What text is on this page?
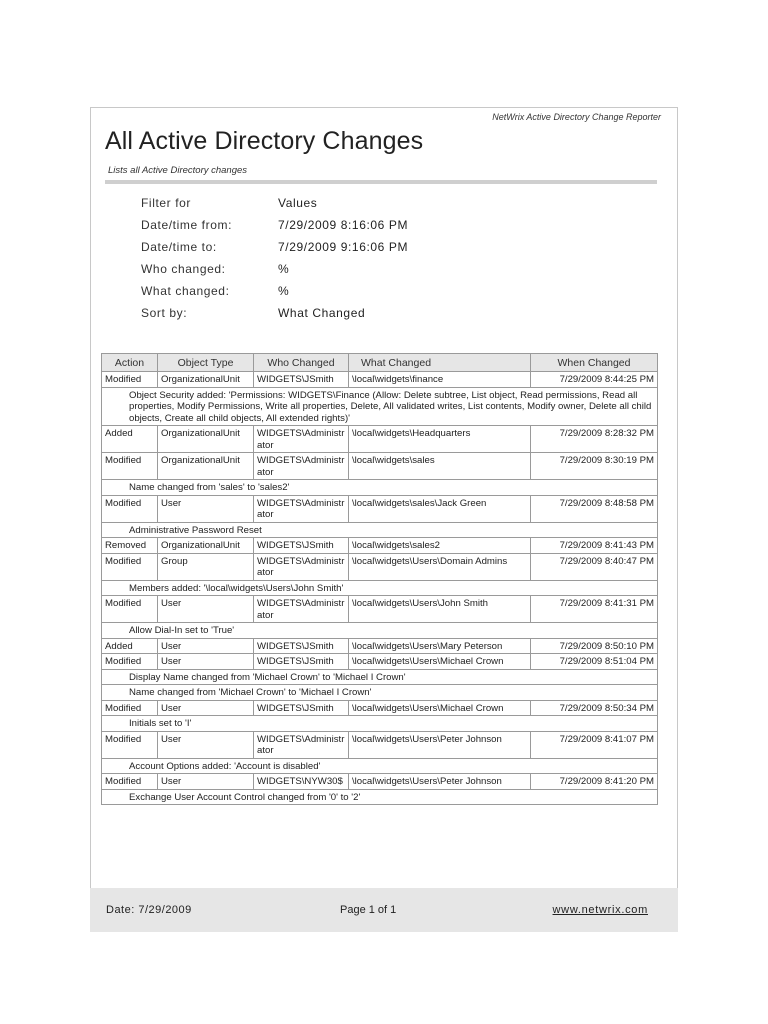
NetWrix Active Directory Change Reporter
All Active Directory Changes
Lists all Active Directory changes
Filter for	Values
Date/time from:	7/29/2009 8:16:06 PM
Date/time to:	7/29/2009 9:16:06 PM
Who changed:	%
What changed:	%
Sort by:	What Changed
Action	Object Type	Who Changed	What Changed	When Changed
Modified	OrganizationalUnit	WIDGETS\JSmith	\local\widgets\finance	7/29/2009 8:44:25 PM
Object Security added: 'Permissions: WIDGETS\Finance (Allow: Delete subtree, List object, Read permissions, Read all properties, Modify Permissions, Write all properties, Delete, All validated writes, List contents, Modify owner, Delete all child objects, Create all child objects, All extended rights)'				
Added	OrganizationalUnit	WIDGETS\Administrator	\local\widgets\Headquarters	7/29/2009 8:28:32 PM
Modified	OrganizationalUnit	WIDGETS\Administrator	\local\widgets\sales	7/29/2009 8:30:19 PM
Name changed from 'sales' to 'sales2'				
Modified	User	WIDGETS\Administrator	\local\widgets\sales\Jack Green	7/29/2009 8:48:58 PM
Administrative Password Reset				
Removed	OrganizationalUnit	WIDGETS\JSmith	\local\widgets\sales2	7/29/2009 8:41:43 PM
Modified	Group	WIDGETS\Administrator	\local\widgets\Users\Domain Admins	7/29/2009 8:40:47 PM
Members added: '\local\widgets\Users\John Smith'				
Modified	User	WIDGETS\Administrator	\local\widgets\Users\John Smith	7/29/2009 8:41:31 PM
Allow Dial-In set to 'True'				
Added	User	WIDGETS\JSmith	\local\widgets\Users\Mary Peterson	7/29/2009 8:50:10 PM
Modified	User	WIDGETS\JSmith	\local\widgets\Users\Michael Crown	7/29/2009 8:51:04 PM
Display Name changed from 'Michael Crown' to 'Michael I Crown'				
Name changed from 'Michael Crown' to 'Michael I Crown'				
Modified	User	WIDGETS\JSmith	\local\widgets\Users\Michael Crown	7/29/2009 8:50:34 PM
Initials set to 'I'				
Modified	User	WIDGETS\Administrator	\local\widgets\Users\Peter Johnson	7/29/2009 8:41:07 PM
Account Options added: 'Account is disabled'				
Modified	User	WIDGETS\NYW30$	\local\widgets\Users\Peter Johnson	7/29/2009 8:41:20 PM
Exchange User Account Control changed from '0' to '2'				
Date: 7/29/2009	Page 1 of 1	www.netwrix.com
